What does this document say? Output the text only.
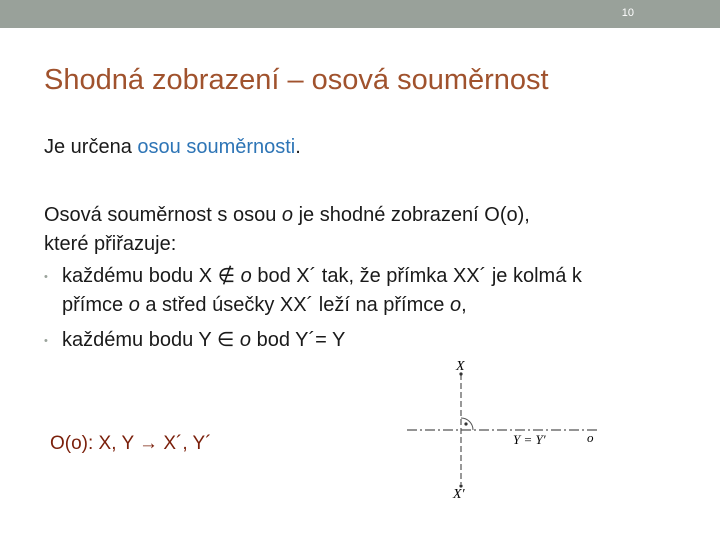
10
Shodná zobrazení – osová souměrnost
Je určena osou souměrnosti.
Osová souměrnost s osou o je shodné zobrazení O(o),
které přiřazuje:
• každému bodu X ∉ o bod X´ tak, že přímka XX´ je kolmá k
přímce o a střed úsečky XX´ leží na přímce o,
• každému bodu Y ∈ o bod Y´= Y
O(o): X, Y → X´, Y´
X
X′
Y = Y′	o
